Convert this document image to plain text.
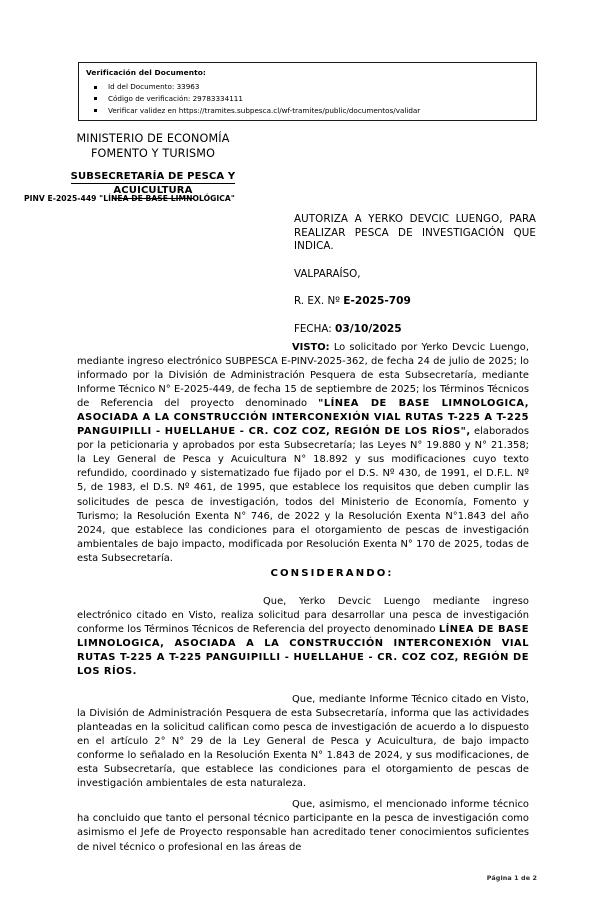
Verificación del Documento:
Id del Documento: 33963
Código de verificación: 29783334111
Verificar validez en https://tramites.subpesca.cl/wf-tramites/public/documentos/validar
MINISTERIO DE ECONOMÍA
FOMENTO Y TURISMO
SUBSECRETARÍA DE PESCA Y
ACUICULTURA
PINV E-2025-449 "LÍNEA DE BASE LIMNOLÓGICA"
AUTORIZA A YERKO DEVCIC LUENGO, PARA REALIZAR PESCA DE INVESTIGACIÓN QUE INDICA.
VALPARAÍSO,
R. EX. Nº E-2025-709
FECHA: 03/10/2025

VISTO: Lo solicitado por Yerko Devcic Luengo, mediante ingreso electrónico SUBPESCA E-PINV-2025-362, de fecha 24 de julio de 2025; lo informado por la División de Administración Pesquera de esta Subsecretaría, mediante Informe Técnico N° E-2025-449, de fecha 15 de septiembre de 2025; los Términos Técnicos de Referencia del proyecto denominado "LÍNEA DE BASE LIMNOLOGICA, ASOCIADA A LA CONSTRUCCIÓN INTERCONEXIÓN VIAL RUTAS T-225 A T-225 PANGUIPILLI - HUELLAHUE - CR. COZ COZ, REGIÓN DE LOS RÍOS", elaborados por la peticionaria y aprobados por esta Subsecretaría; las Leyes N° 19.880 y N° 21.358; la Ley General de Pesca y Acuicultura N° 18.892 y sus modificaciones cuyo texto refundido, coordinado y sistematizado fue fijado por el D.S. Nº 430, de 1991, el D.F.L. Nº 5, de 1983, el D.S. Nº 461, de 1995, que establece los requisitos que deben cumplir las solicitudes de pesca de investigación, todos del Ministerio de Economía, Fomento y Turismo; la Resolución Exenta N° 746, de 2022 y la Resolución Exenta N°1.843 del año 2024, que establece las condiciones para el otorgamiento de pescas de investigación ambientales de bajo impacto, modificada por Resolución Exenta N° 170 de 2025, todas de esta Subsecretaría.

CONSIDERANDO:

Que, Yerko Devcic Luengo mediante ingreso electrónico citado en Visto, realiza solicitud para desarrollar una pesca de investigación conforme los Términos Técnicos de Referencia del proyecto denominado LÍNEA DE BASE LIMNOLOGICA, ASOCIADA A LA CONSTRUCCIÓN INTERCONEXIÓN VIAL RUTAS T-225 A T-225 PANGUIPILLI - HUELLAHUE - CR. COZ COZ, REGIÓN DE LOS RÍOS.

Que, mediante Informe Técnico citado en Visto, la División de Administración Pesquera de esta Subsecretaría, informa que las actividades planteadas en la solicitud califican como pesca de investigación de acuerdo a lo dispuesto en el artículo 2° N° 29 de la Ley General de Pesca y Acuicultura, de bajo impacto conforme lo señalado en la Resolución Exenta N° 1.843 de 2024, y sus modificaciones, de esta Subsecretaría, que establece las condiciones para el otorgamiento de pescas de investigación ambientales de esta naturaleza.

Que, asimismo, el mencionado informe técnico ha concluido que tanto el personal técnico participante en la pesca de investigación como asimismo el Jefe de Proyecto responsable han acreditado tener conocimientos suficientes de nivel técnico o profesional en las áreas de

Página 1 de 2
